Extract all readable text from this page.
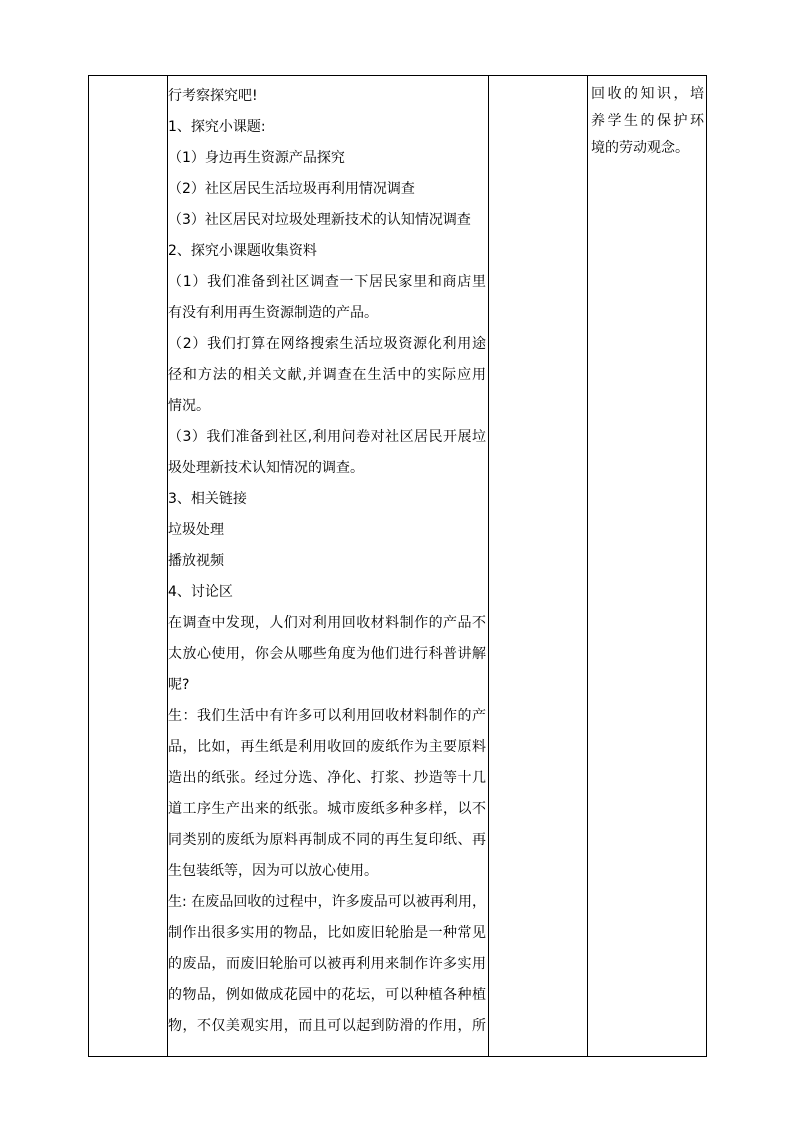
行考察探究吧!
1、探究小课题:
（1）身边再生资源产品探究
（2）社区居民生活垃圾再利用情况调查
（3）社区居民对垃圾处理新技术的认知情况调查
2、探究小课题收集资料
（1）我们准备到社区调查一下居民家里和商店里
有没有利用再生资源制造的产品。
（2）我们打算在网络搜索生活垃圾资源化利用途
径和方法的相关文献,并调查在生活中的实际应用
情况。
（3）我们准备到社区,利用问卷对社区居民开展垃
圾处理新技术认知情况的调查。
3、相关链接
垃圾处理
播放视频
4、讨论区
在调查中发现，人们对利用回收材料制作的产品不
太放心使用，你会从哪些角度为他们进行科普讲解
呢?
生：我们生活中有许多可以利用回收材料制作的产
品，比如，再生纸是利用收回的废纸作为主要原料
造出的纸张。经过分选、净化、打浆、抄造等十几
道工序生产出来的纸张。城市废纸多种多样，以不
同类别的废纸为原料再制成不同的再生复印纸、再
生包装纸等，因为可以放心使用。
生: 在废品回收的过程中，许多废品可以被再利用，
制作出很多实用的物品，比如废旧轮胎是一种常见
的废品，而废旧轮胎可以被再利用来制作许多实用
的物品，例如做成花园中的花坛，可以种植各种植
物，不仅美观实用，而且可以起到防滑的作用，所
回收的知识，培
养学生的保护环
境的劳动观念。
